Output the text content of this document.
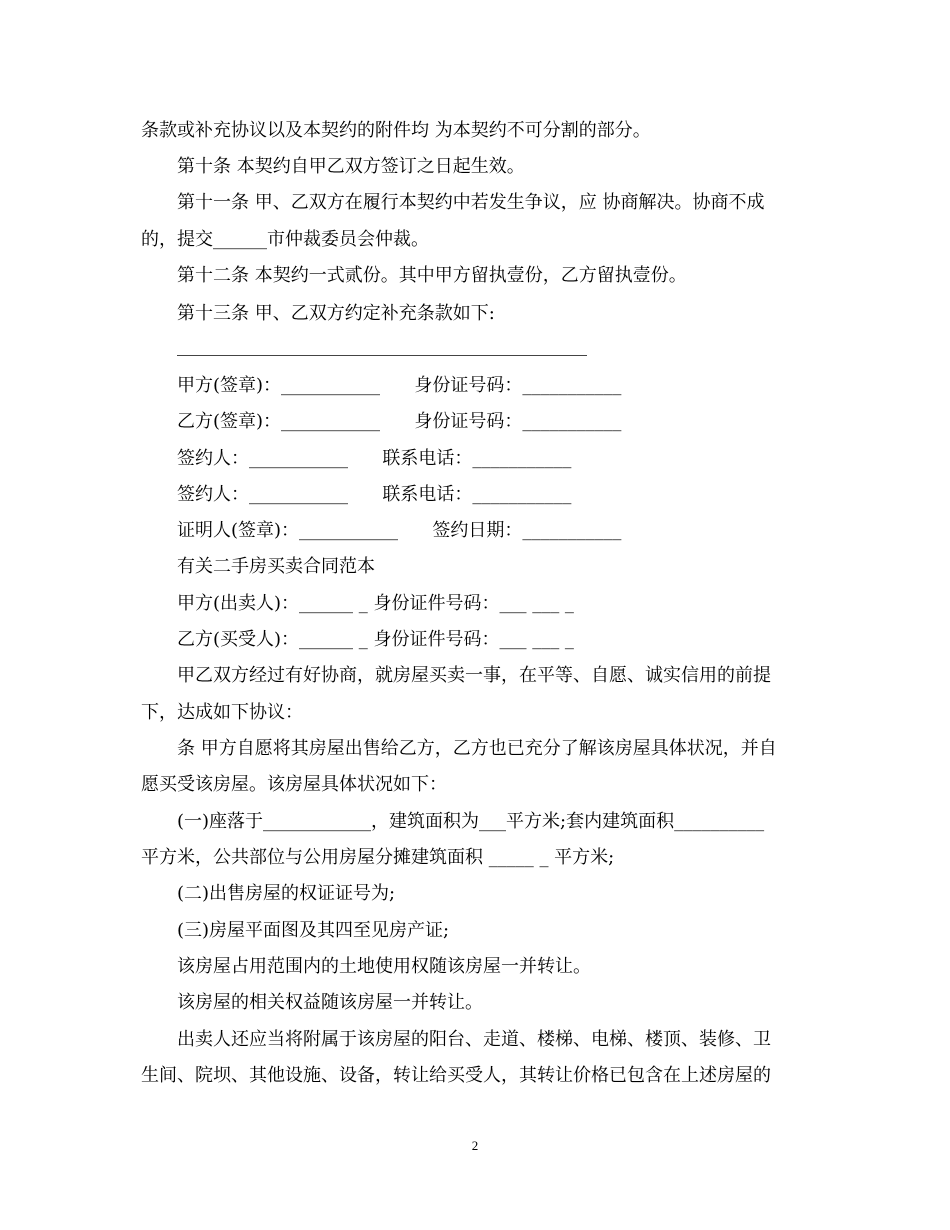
条款或补充协议以及本契约的附件均 为本契约不可分割的部分。
第十条 本契约自甲乙双方签订之日起生效。
第十一条 甲、乙双方在履行本契约中若发生争议，应 协商解决。协商不成
的，提交______市仲裁委员会仲裁。
第十二条 本契约一式贰份。其中甲方留执壹份，乙方留执壹份。
第十三条 甲、乙双方约定补充条款如下:
甲方(签章)：___________      身份证号码：___________
乙方(签章)：___________      身份证号码：___________
签约人：___________      联系电话：___________
签约人：___________      联系电话：___________
证明人(签章)：___________      签约日期：___________
有关二手房买卖合同范本
甲方(出卖人)：______ _ 身份证件号码：___ ___ _
乙方(买受人)：______ _ 身份证件号码：___ ___ _
甲乙双方经过有好协商，就房屋买卖一事，在平等、自愿、诚实信用的前提
下，达成如下协议：
条 甲方自愿将其房屋出售给乙方，乙方也已充分了解该房屋具体状况，并自
愿买受该房屋。该房屋具体状况如下：
(一)座落于____________，建筑面积为___平方米;套内建筑面积__________
平方米，公共部位与公用房屋分摊建筑面积 _____ _ 平方米;
(二)出售房屋的权证证号为;
(三)房屋平面图及其四至见房产证;
该房屋占用范围内的土地使用权随该房屋一并转让。
该房屋的相关权益随该房屋一并转让。
出卖人还应当将附属于该房屋的阳台、走道、楼梯、电梯、楼顶、装修、卫
生间、院坝、其他设施、设备，转让给买受人，其转让价格已包含在上述房屋的
2
